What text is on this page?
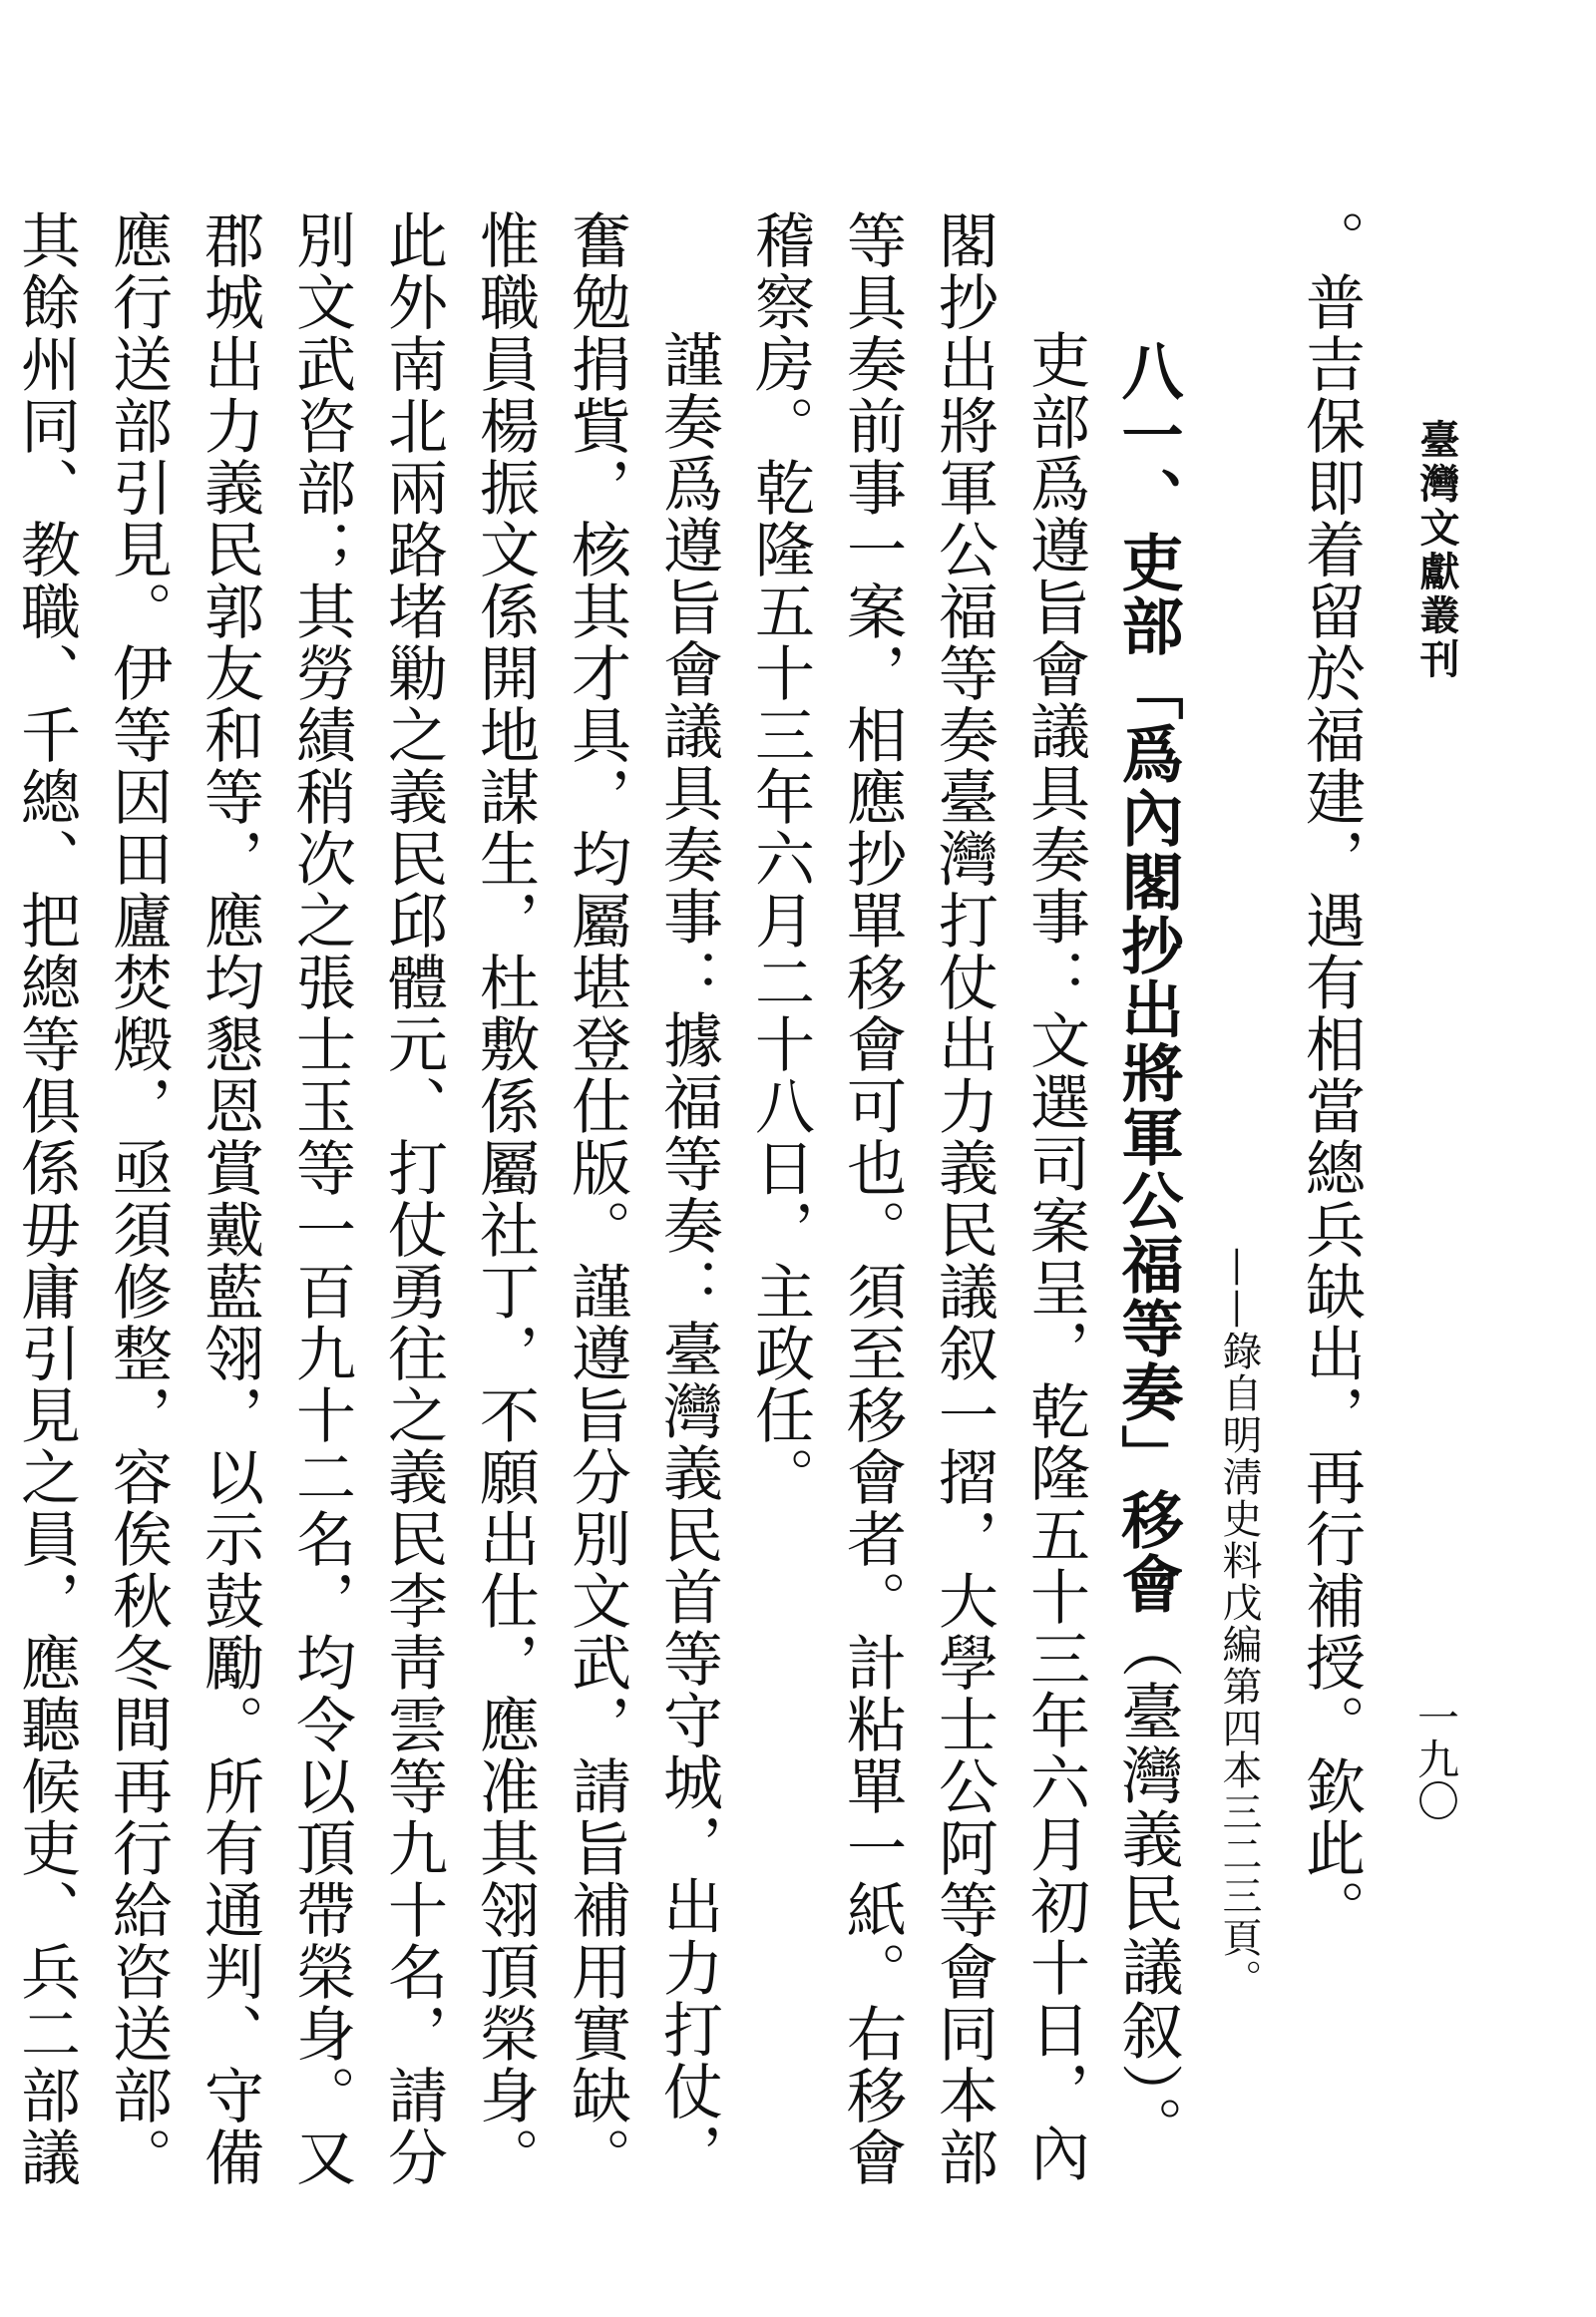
臺灣文獻叢刊
一九〇

。普吉保即着留於福建，遇有相當總兵缺出，再行補授。欽此。

——錄自明淸史料戊編第四本三二三頁。

八一、吏部「爲內閣抄出將軍公福等奏」移會（臺灣義民議叙）。

吏部爲遵旨會議具奏事：文選司案呈，乾隆五十三年六月初十日，內閣抄出將軍公福等奏臺灣打仗出力義民議叙一摺，大學士公阿等會同本部等具奏前事一案，相應抄單移會可也。須至移會者。計粘單一紙。右移會稽察房。乾隆五十三年六月二十八日，主政任。

謹奏爲遵旨會議具奏事：據福等奏：臺灣義民首等守城，出力打仗，奮勉捐貲，核其才具，均屬堪登仕版。謹遵旨分別文武，請旨補用實缺。惟職員楊振文係開地謀生，杜敷係屬社丁，不願出仕，應准其翎頂榮身。此外南北兩路堵勦之義民邱體元、打仗勇往之義民李靑雲等九十名，請分別文武咨部；其勞績稍次之張士玉等一百九十二名，均令以頂帶榮身。又郡城出力義民郭友和等，應均懇恩賞戴藍翎，以示鼓勵。所有通判、守備應行送部引見。伊等因田廬焚燬，亟須修整，容俟秋冬間再行給咨送部。其餘州同、教職、千總、把總等俱係毋庸引見之員，應聽候吏、兵二部議
